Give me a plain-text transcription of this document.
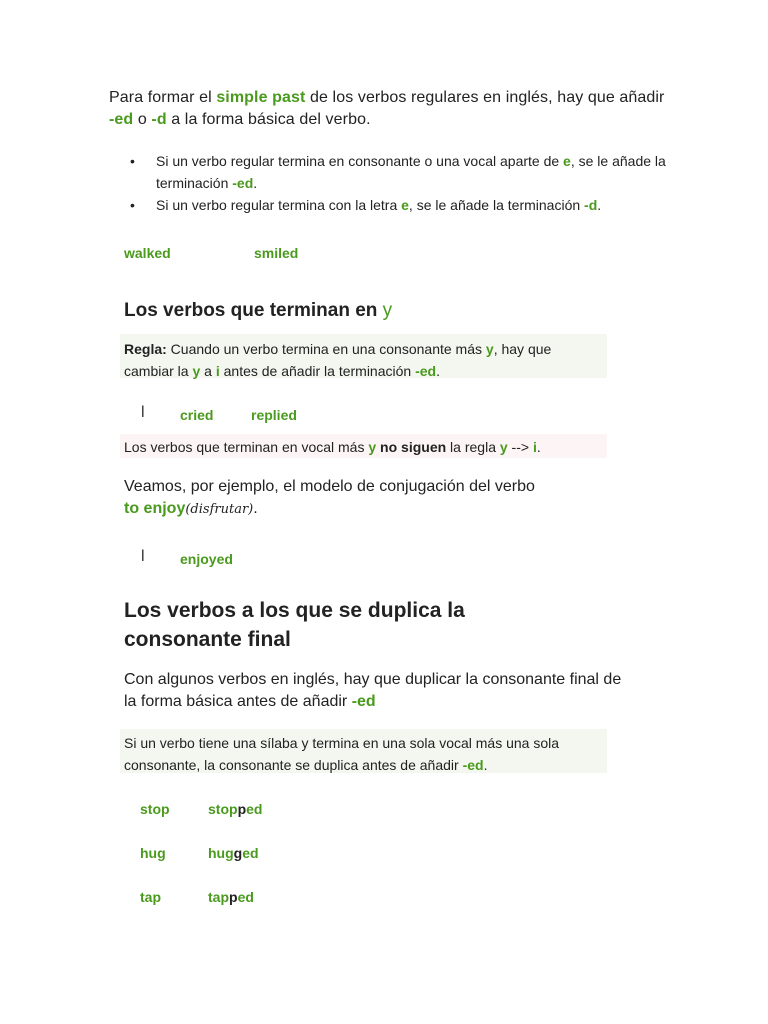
Para formar el simple past de los verbos regulares en inglés, hay que añadir -ed o -d a la forma básica del verbo.
• Si un verbo regular termina en consonante o una vocal aparte de e, se le añade la terminación -ed.
• Si un verbo regular termina con la letra e, se le añade la terminación -d.
walked	smiled
Los verbos que terminan en y
Regla: Cuando un verbo termina en una consonante más y, hay que cambiar la y a i antes de añadir la terminación -ed.
l	cried	replied
Los verbos que terminan en vocal más y no siguen la regla y --> i.
Veamos, por ejemplo, el modelo de conjugación del verbo to enjoy(disfrutar).
l	enjoyed
Los verbos a los que se duplica la consonante final
Con algunos verbos en inglés, hay que duplicar la consonante final de la forma básica antes de añadir -ed
Si un verbo tiene una sílaba y termina en una sola vocal más una sola consonante, la consonante se duplica antes de añadir -ed.
stop	stopped
hug	hugged
tap	tapped
